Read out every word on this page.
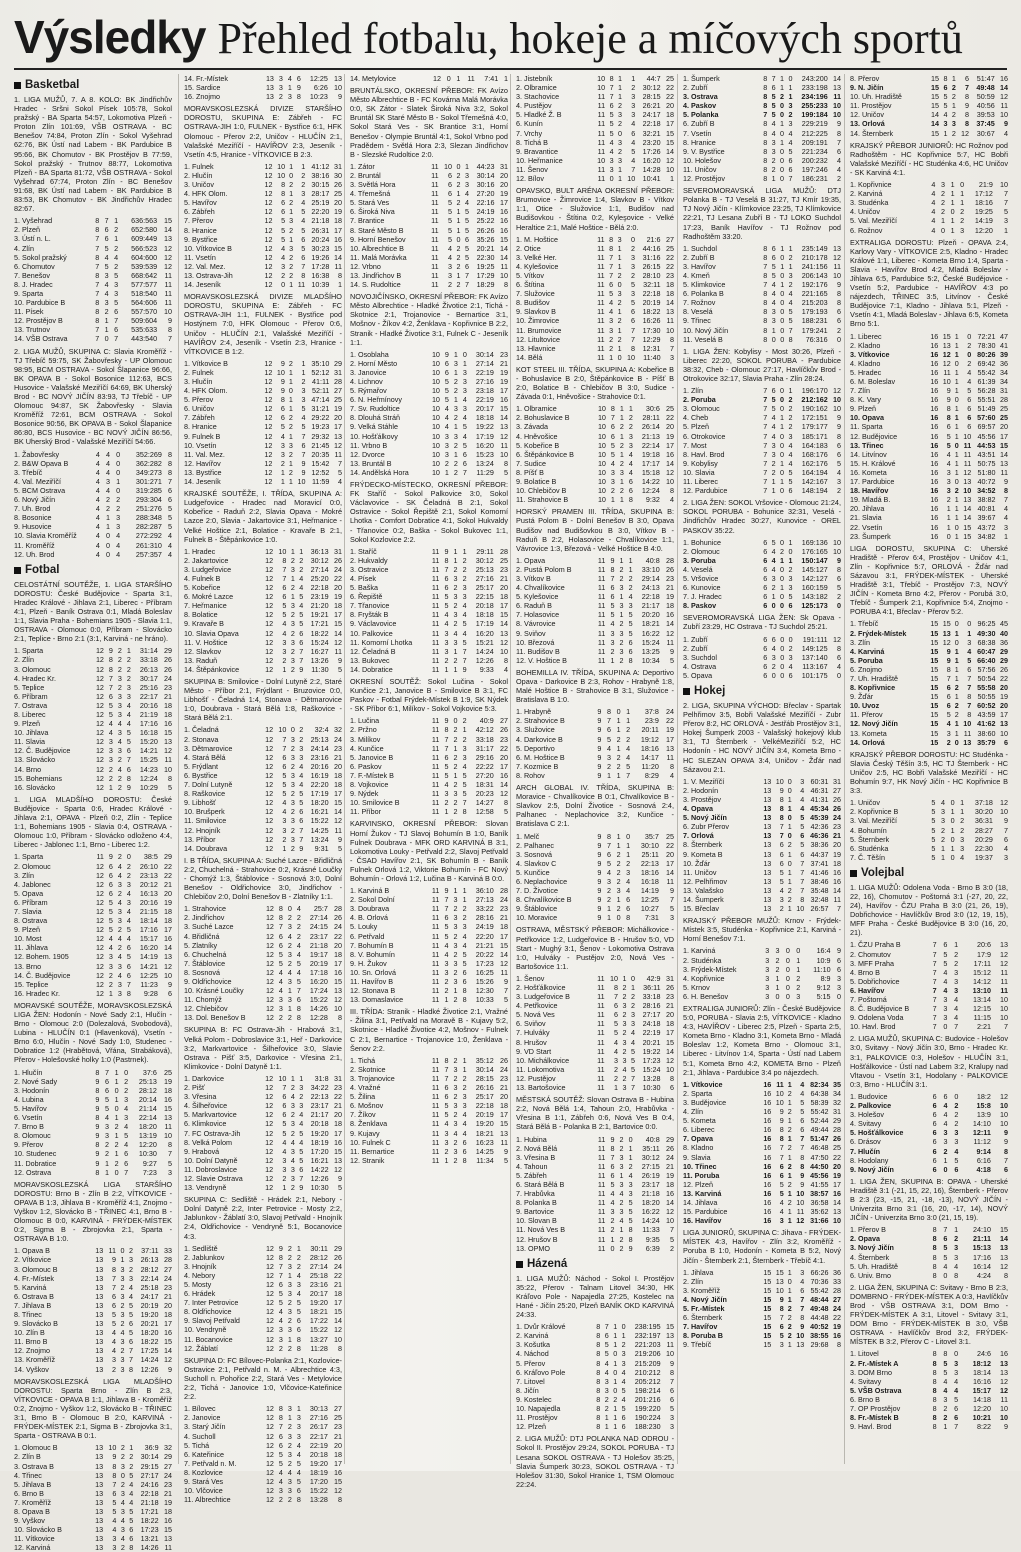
Výsledky Přehled fotbalu, hokeje a míčových sportů
Basketbal
1. LIGA MUŽŮ, 7. A 8. KOLO: BK Jindřichův Hradec - Sršni Sokol Písek 105:78, Sokol pražský - BA Sparta 54:57, Lokomotiva Plzeň - Proton Zlín 101:69, VŠB OSTRAVA - BC Benešov 74:84, Proton Zlín - Sokol Vyšehrad 62:76, BK Ústí nad Labem - BK Pardubice B 95:66, BK Chomutov - BK Prostějov B 77:59, Sokol pražský - Trutnov 88:77, Lokomotiva Plzeň - BA Sparta 81:72, VŠB OSTRAVA - Sokol Vyšehrad 67:74, Proton Zlín - BC Benešov 91:68, BK Ústí nad Labem - BK Pardubice B 83:53, BK Chomutov - BK Jindřichův Hradec 82:67.
1. Vyšehrad	8	7	1	636:563	15
2. Plzeň	8	6	2	652:580	14
3. Ústí n. L.	7	6	1	609:449	13
4. Zlín	7	5	2	566:523	12
5. Sokol pražský	8	4	4	604:600	12
6. Chomutov	7	5	2	539:539	12
7. Benešov	8	3	5	668:642	11
8. J. Hradec	7	4	3	577:577	11
9. Sparta	7	4	3	518:540	11
10. Pardubice B	8	3	5	564:606	11
11. Písek	8	2	6	557:570	10
12. Prostějov B	8	1	7	509:604	9
13. Trutnov	7	1	6	535:633	8
14. VŠB Ostrava	7	0	7	443:540	7
2. LIGA MUŽŮ, SKUPINA C: Slavia Kroměříž - TJ Třebíč 59:75, SK Žabovřesky - UP Olomouc 98:95, BCM OSTRAVA - Sokol Šlapanice 96:66, BK OPAVA B - Sokol Bosonice 112:63, BCS Husovice - Valašské Meziříčí 64:69, BK Uherský Brod - BC NOVÝ JIČÍN 83:93, TJ Třebíč - UP Olomouc 94:87, SK Žabovřesky - Slavia Kroměříž 72:61, BCM OSTRAVA - Sokol Bosonice 90:56, BK OPAVA B - Sokol Šlapanice 86:80, BCS Husovice - BC NOVÝ JIČÍN 86:56, BK Uherský Brod - Valašské Meziříčí 54:66.
1. Žabovřesky	4	4	0	352:269	8
2. B&W Opava B	4	4	0	362:282	8
3. Třebíč	4	4	0	349:273	8
4. Val. Meziříčí	4	3	1	301:271	7
5. BCM Ostrava	4	4	0	319:285	6
6. Nový Jičín	4	2	2	293:304	6
7. Uh. Brod	4	2	2	251:276	5
8. Bosonice	4	1	3	288:348	5
9. Husovice	4	1	3	282:287	5
10. Slavia Kroměříž	4	0	4	272:292	4
11. Kroměříž	4	0	4	261:310	4
12. Uh. Brod	4	0	4	257:357	4
Fotbal
CELOSTÁTNÍ SOUTĚŽE, 1. LIGA STARŠÍHO DOROSTU: České Budějovice - Sparta 3:1, Hradec Králové - Jihlava 2:1, Liberec - Příbram 4:1, Plzeň - Baník Ostrava 0:1, Mladá Boleslav 1:1, Slavia Praha - Bohemians 1905 - Slavia 1:1, OSTRAVA - Olomouc 0:0, Příbram - Slovácko 2:1, Teplice - Brno 2:1 (3:1, Karviná - ne hráno).
1. Sparta	12	9	2	1	31:14	29
2. Zlín	12	8	2	2	33:18	26
3. Olomouc	12	8	2	2	26:13	26
4. Hradec Kr.	12	7	3	2	30:17	24
5. Teplice	12	7	2	3	25:16	23
6. Příbram	12	6	3	3	22:17	21
7. Ostrava	12	5	3	4	20:16	18
8. Liberec	12	5	3	4	21:19	18
9. Plzeň	12	4	4	4	17:16	16
10. Jihlava	12	4	3	5	16:18	15
11. Slavia	12	3	4	5	15:20	13
12. Č. Budějovice	12	3	3	6	14:21	12
13. Slovácko	12	3	2	7	15:25	11
14. Brno	12	2	4	6	14:23	10
15. Bohemians	12	2	2	8	12:24	8
16. Slovácko	12	1	2	9	10:29	5
1. LIGA MLADŠÍHO DOROSTU: České Budějovice - Sparta 0:6, Hradec Králové - Jihlava 2:1, OPAVA - Plzeň 0:2, Zlín - Teplice 1:1, Bohemians 1905 - Slavia 0:4, OSTRAVA - Olomouc 1:0, Příbram - Slovácko odloženo 4:4, Liberec - Jablonec 1:1, Brno - Liberec 1:2.
1. Sparta	11	9	2	0	38:5	29
2. Olomouc	12	6	4	2	26:10	22
3. Zlín	12	6	4	2	23:13	22
4. Jablonec	12	6	3	3	20:12	21
5. Opava	12	6	2	4	16:13	20
6. Příbram	12	5	4	3	20:16	19
7. Slavia	12	5	3	4	21:15	18
8. Ostrava	12	5	3	4	18:14	18
9. Plzeň	12	5	2	5	17:16	17
10. Most	12	4	4	4	15:17	16
11. Jihlava	12	4	2	6	16:20	14
12. Bohem. 1905	12	3	4	5	14:19	13
13. Brno	12	3	3	6	14:21	12
14. Č. Budějovice	12	2	4	6	12:25	10
15. Teplice	12	2	3	7	11:23	9
16. Hradec Kr.	12	1	3	8	9:28	6
MORAVSKÉ SOUTĚŽE, MORAVSKOSLEZSKÁ LIGA ŽEN: Hodonín - Nové Sady 2:1, Hlučín - Brno - Olomouc 2:0 (Dolezalová, Svobodová), Lubina - HLUČÍN 0:1 (Hlavenková), Vsetín - Brno 6:0, Hlučín - Nové Sady 1:0, Studenec - Dobratice 1:2 (Hrabětová, Vřána, Strabáková), Přerov - Holešovské holky 1:0 (Pastrnek).
1. Hlučín	8	7	1	0	37:6	25
2. Nové Sady	9	6	1	2	25:13	19
3. Hodonín	8	6	0	2	28:12	18
4. Lubina	9	5	1	3	20:14	16
5. Havířov	9	5	0	4	21:14	15
6. Vsetín	8	4	1	3	22:14	13
7. Brno B	9	3	2	4	18:20	11
8. Olomouc	9	3	1	5	13:19	10
9. Přerov	8	2	2	4	12:20	8
10. Studenec	9	2	1	6	10:30	7
11. Dobratice	9	1	2	6	9:27	5
12. Ostrava	8	1	0	7	7:23	3
MORAVSKOSLEZSKÁ LIGA STARŠÍHO DOROSTU: Brno B - Zlín B 2:2, VÍTKOVICE - OPAVA B 1:3, Jihlava B - Kroměříž 4:1, Znojmo - Vyškov 1:2, Slovácko B - TŘINEC 4:1, Brno B - Olomouc B 0:0, KARVINÁ - FRÝDEK-MÍSTEK 0:2, Sigma B - Zbrojovka 2:1, Sparta - OSTRAVA B 1:0.
1. Opava B	13	11	0	2	37:11	33
2. Vítkovice	13	9	1	3	26:13	28
3. Olomouc B	13	8	3	2	28:12	27
4. Fr.-Místek	13	7	3	3	22:14	24
5. Karviná	13	7	2	4	25:18	23
6. Ostrava B	13	6	3	4	24:17	21
7. Jihlava B	13	6	2	5	20:19	20
8. Třinec	13	5	3	5	19:20	18
9. Slovácko B	13	5	2	6	20:21	17
10. Zlín B	13	4	4	5	18:20	16
11. Brno B	13	4	3	6	18:22	15
12. Znojmo	13	4	2	7	17:25	14
13. Kroměříž	13	3	3	7	14:24	12
14. Vyškov	13	2	3	8	12:26	9
MORAVSKOSLEZSKÁ LIGA MLADŠÍHO DOROSTU: Sparta Brno - Zlín B 2:3, VÍTKOVICE - OPAVA B 1:1, Jihlava B - Kroměříž 0:2, Znojmo - Vyškov 1:2, Slovácko B - TŘINEC 3:1, Brno B - Olomouc B 2:0, KARVINÁ - FRÝDEK-MÍSTEK 2:1, Sigma B - Zbrojovka 3:1, Sparta - OSTRAVA B 0:1.
1. Olomouc B	13	10	2	1	36:9	32
2. Zlín B	13	9	2	2	30:14	29
3. Ostrava B	13	8	3	2	29:15	27
4. Třinec	13	8	0	5	27:17	24
5. Jihlava B	13	7	2	4	24:16	23
6. Brno B	13	6	3	4	22:18	21
7. Kroměříž	13	5	4	4	21:18	19
8. Opava B	13	5	3	5	17:21	18
9. Vyškov	13	4	4	5	18:22	16
10. Slovácko B	13	4	3	6	17:23	15
11. Vítkovice	13	3	4	6	13:21	13
12. Karviná	13	3	2	8	14:26	11
14. Fr.-Místek	13	3	4	6	12:25	13
15. Sardice	13	3	1	9	6:26	10
16. Znojmo	13	2	3	8	10:23	9
MORAVSKOSLEZSKÁ DIVIZE STARŠÍHO DOROSTU, SKUPINA E: Zábřeh - FC OSTRAVA-JIH 1:0, FULNEK - Bystřice 6:1, HFK Olomouc - Přerov 2:2, Uničov - HLUČÍN 2:1, Valašské Meziříčí - HAVÍŘOV 2:3, Jeseník - Vsetín 4:5, Hranice - VÍTKOVICE B 2:3.
1. Fulnek	12	10	1	1	41:12	31
2. Hlučín	12	10	0	2	38:16	30
3. Uničov	12	8	2	2	30:15	26
4. HFK Olom.	12	8	1	3	28:17	25
5. Havířov	12	6	2	4	25:19	20
6. Zábřeh	12	6	1	5	22:20	19
7. Přerov	12	5	3	4	21:18	18
8. Hranice	12	5	2	5	26:31	17
9. Bystřice	12	5	1	6	20:24	16
10. Vítkovice B	12	4	3	5	30:23	15
11. Vsetín	12	4	2	6	19:26	14
12. Val. Mez.	12	3	2	7	17:28	11
13. Ostrava-Jih	12	2	2	8	16:38	8
14. Jeseník	12	0	1	11	10:39	1
MORAVSKOSLEZSKÁ DIVIZE MLADŠÍHO DOROSTU, SKUPINA E: Zábřeh - FC OSTRAVA-JIH 1:1, FULNEK - Bystřice pod Hostýnem 7:0, HFK Olomouc - Přerov 0:6, Uničov - HLUČÍN 2:1, Valašské Meziříčí - HAVÍŘOV 2:4, Jeseník - Vsetín 2:3, Hranice - VÍTKOVICE B 1:2.
1. Vítkovice B	12	9	2	1	35:10	29
2. Fulnek	12	10	1	1	52:12	31
3. Hlučín	12	9	1	2	41:11	28
4. HFK Olom.	12	9	0	3	52:11	27
5. Přerov	12	8	1	3	47:14	25
6. Uničov	12	6	1	5	31:21	19
7. Zábřeh	12	6	2	4	29:22	20
8. Hranice	12	5	2	5	19:23	17
9. Fulnek B	12	4	1	7	29:32	13
10. Vsetín	12	3	3	6	21:45	12
11. Val. Mez.	12	3	2	7	20:35	11
12. Havířov	12	2	1	9	15:42	7
13. Bystřice	12	1	2	9	12:52	5
14. Jeseník	12	1	1	10	11:59	4
KRAJSKÉ SOUTĚŽE, I. TŘÍDA, SKUPINA A: Ludgeřovice - Hradec nad Moravicí 0:0, Kobeřice - Raduň 2:2, Slavia Opava - Mokré Lazce 2:0, Slavia - Jakartovice 3:1, Heřmanice - Velké Hoštice 2:1, Bolatice - Kravaře B 2:1, Fulnek B - Štěpánkovice 1:0.
1. Hradec	12	10	1	1	36:13	31
2. Jakartovice	12	8	2	2	30:12	26
3. Ludgeřovice	12	7	3	2	27:14	24
4. Fulnek B	12	7	1	4	25:20	22
5. Kobeřice	12	6	2	4	22:18	20
6. Mokré Lazce	12	6	1	5	23:19	19
7. Heřmanice	12	5	3	4	21:20	18
8. Bolatice	12	5	2	5	19:21	17
9. Kravaře B	12	4	3	5	17:21	15
10. Slavia Opava	12	4	2	6	18:22	14
11. V. Hoštice	12	3	3	6	15:24	12
12. Slavkov	12	3	2	7	16:27	11
13. Raduň	12	2	3	7	13:26	9
14. Štěpánkovice	12	1	2	9	11:30	5
SKUPINA B: Smilovice - Dolní Lutyně 2:2, Staré Město - Příbor 2:1, Frýdlant - Bruzovice 0:0, Libhošť - Čeladná 1:4, Stonava - Dětmarovice 1:0, Doubrava - Stará Bělá 1:8, Raškovice - Stará Bělá 2:1.
1. Čeladná	12	10	0	2	32:4	32
2. Stonava	12	7	3	2	25:13	24
3. Dětmarovice	12	7	2	3	24:14	23
4. Stará Bělá	12	6	3	3	23:16	21
5. Frýdlant	12	6	2	4	20:16	20
6. Bystřice	12	5	3	4	16:19	18
7. Dolní Lutyně	12	5	3	4	22:20	18
8. Raškovice	12	5	2	5	17:19	17
9. Libhošť	12	4	3	5	18:20	15
10. Brušperk	12	4	2	6	16:21	14
11. Smilovice	12	3	3	6	15:22	12
12. Hnojník	12	3	2	7	14:25	11
13. Příbor	12	2	3	7	13:24	9
14. Doubrava	12	1	2	9	9:31	5
I. B TŘÍDA, SKUPINA A: Suché Lazce - Břidličná 2:2, Chuchelná - Strahovice 0:2, Krásné Loučky - Chomýž 1:3, Štáblovice - Sosnová 3:0, Dolní Benešov - Oldřichovice 3:0, Jindřichov - Chlebičov 2:0, Dolní Benešov B - Zlatníky 1:1.
1. Strahovice	12	8	0	4	25:7	28
2. Jindřichov	12	8	2	2	27:14	26
3. Suché Lazce	12	7	3	2	24:15	24
4. Břidličná	12	6	4	2	23:17	22
5. Zlatníky	12	6	2	4	21:18	20
6. Chuchelná	12	5	3	4	19:17	18
7. Štáblovice	12	5	2	5	20:19	17
8. Sosnová	12	4	4	4	17:18	16
9. Oldřichovice	12	4	3	5	16:20	15
10. Krásné Loučky	12	4	1	7	17:24	13
11. Chomýž	12	3	3	6	15:22	12
12. Chlebičov	12	3	1	8	14:26	10
13. Dol. Benešov B	12	2	2	8	12:28	8
SKUPINA B: FC Ostrava-Jih - Hrabová 3:1, Velká Polom - Dobroslavice 3:1, Heř - Darkovice 3:2, Markvartovice - Šilheřovice 3:0, Slavie Ostrava - Pišť 3:5, Darkovice - Vřesina 2:1, Klimkovice - Dolní Datyně 1:1.
1. Darkovice	12	10	1	1	31:8	31
2. Pišť	12	7	2	3	34:22	23
3. Vřesina	12	6	4	2	22:13	22
4. Šilheřovice	12	6	3	3	23:17	21
5. Markvartovice	12	6	2	4	21:17	20
6. Klimkovice	12	5	3	4	20:18	18
7. FC Ostrava-Jih	12	5	2	5	19:20	17
8. Velká Polom	12	4	4	4	18:19	16
9. Hrabová	12	4	3	5	17:20	15
10. Dolní Datyně	12	3	4	5	16:21	13
11. Dobroslavice	12	3	3	6	14:22	12
12. Slavie Ostrava	12	2	3	7	12:26	9
13. Vendryně	12	1	2	9	10:30	5
SKUPINA C: Sedliště - Hrádek 2:1, Nebory - Dolní Datyně 2:2, Inter Petrovice - Mosty 2:2, Jablunkov - Žáblatí 3:0, Slavoj Petřvald - Hnojník 2:4, Oldřichovice - Vendryně 5:1, Bocanovice 4:3.
1. Sedliště	12	9	2	1	30:11	29
2. Jablunkov	12	8	2	2	28:12	26
3. Hnojník	12	7	3	2	27:14	24
4. Nebory	12	7	1	4	25:18	22
5. Mosty	12	6	3	3	23:16	21
6. Hrádek	12	5	3	4	20:17	18
7. Inter Petrovice	12	5	2	5	19:20	17
8. Oldřichovice	12	4	3	5	18:21	15
9. Slavoj Petřvald	12	4	2	6	17:22	14
10. Vendryně	12	3	3	6	15:22	12
11. Bocanovice	12	3	1	8	13:27	10
12. Žáblatí	12	2	2	8	11:28	8
SKUPINA D: FC Bílovec-Polanka 2:1, Kozlovice-Ostravice 2:1, Petřvald n. M. - Albrechtice 4:3, Sucholl n. Pohořice 2:2, Stará Ves - Metylovice 2:2, Tichá - Janovice 1:0, Vlčovice-Kateřinice 2:2.
1. Bílovec	12	8	3	1	30:13	27
2. Janovice	12	8	1	3	27:16	25
3. Starý Jičín	12	7	2	3	26:17	23
4. Sucholl	12	6	3	3	22:17	21
5. Tichá	12	6	2	4	22:19	20
6. Kateřinice	12	5	3	4	20:18	18
7. Petřvald n. M.	12	5	2	5	19:20	17
8. Kozlovice	12	4	4	4	18:19	16
9. Stará Ves	12	4	3	5	17:20	15
10. Vlčovice	12	3	3	6	15:22	12
11. Albrechtice	12	2	2	8	13:28	8
14. Metylovice	12	0	1	11	7:41	1
BRUNTÁLSKO, OKRESNÍ PŘEBOR: FK Avízo Město Albrechtice B - FC Kovárna Malá Morávka 0:0, SK Zátor - Slatek Široká Niva 3:2, Sokol Bruntál SK Staré Město B - Sokol Třemešná 4:0, Sokol Stará Ves - SK Brantice 3:1, Horní Benešov - Olympie Bruntál 4:1, Sokol Vrbno pod Pradědem - Světlá Hora 2:3, Slezan Jindřichov B - Slezské Rudoltice 2:0.
1. Zátor	11	10	0	1	44:23	31
2. Bruntál	11	6	2	3	30:14	20
3. Světlá Hora	11	6	2	3	30:16	20
4. Třemešná	11	6	1	4	27:20	19
5. Stará Ves	11	5	2	4	22:16	17
6. Široká Niva	11	5	1	5	24:19	16
7. Brantice	11	5	1	5	25:22	16
8. Staré Město B	11	5	1	5	26:26	16
9. Horní Benešov	11	5	0	6	35:26	15
10. Albrechtice B	11	4	2	5	20:21	14
11. Malá Morávka	11	4	2	5	22:30	14
12. Vrbno	11	3	2	6	19:25	11
13. Jindřichov B	11	3	1	7	17:29	10
14. S. Rudoltice	11	2	2	7	18:29	8
NOVOJIČÍNSKO, OKRESNÍ PŘEBOR: FK Avízo Město Albrechtice - Hladké Životice 2:1, Tichá - Skotnice 2:1, Trojanovice - Bernartice 3:1, Mošnov - Žíkov 4:2, Ženklava - Kopřivnice B 2:2, Stranik - Hladké Životice 3:1, Fulnek C - Jeseník 1:1.
1. Osoblaha	10	9	1	0	30:14	23
2. Horní Město	10	6	3	1	27:14	21
3. Janovice	10	6	1	3	22:19	19
4. Lichnov	10	5	2	3	27:16	19
5. Rýmařov	10	5	2	3	23:18	17
6. N. Heřmínovy	10	5	1	4	22:19	16
7. Sv. Rudoltice	10	4	3	3	20:17	15
8. Dlouhá Stráň	10	4	2	4	18:18	14
9. Velká Stáhle	10	4	1	5	19:22	13
10. Hošťálkovy	10	3	3	4	17:19	12
11. Vrbno B	10	3	2	5	16:20	11
12. Dvorce	10	3	1	6	15:23	10
13. Bruntál B	10	2	2	6	13:24	8
14. Andělská Hora	10	1	2	7	11:29	5
FRÝDECKO-MÍSTECKO, OKRESNÍ PŘEBOR: FK Staříč - Sokol Palkovice 3:0, Sokol Václavovice - SK Čeladná B 2:1, Sokol Ostravice - Sokol Řepiště 2:1, Sokol Komorní Lhotka - Comfort Dobratice 4:1, Sokol Hukvaldy - Třanovice 0:2, Baška - Sokol Bukovec 1:1, Sokol Kozlovice 2:2.
1. Staříč	11	9	1	1	29:11	28
2. Hukvaldy	11	8	1	2	30:12	25
3. Ostravice	11	7	2	2	25:13	23
4. Písek	11	6	3	2	27:16	21
5. Baška	11	6	2	3	25:17	20
6. Řepiště	11	5	3	3	22:15	18
7. Třanovice	11	5	2	4	20:18	17
8. Fryšták B	11	4	3	4	18:18	15
9. Václavovice	11	4	2	5	17:19	14
10. Palkovice	11	3	4	4	16:20	13
11. Komorní Lhotka	11	3	3	5	15:21	12
12. Čeladná B	11	3	1	7	14:24	10
13. Bukovec	11	2	2	7	12:26	8
14. Dobratice	11	1	1	9	9:33	4
OKRESNÍ SOUTĚŽ: Sokol Lučina - Sokol Kunčice 2:1, Janovice B - Smilovice B 3:1, FC Paskov - Fotbal Frýdek-Místek B 1:9, SK Nýdek - SK Příbor 6:1, Milíkov - Sokol Vojkovice 5:3.
1. Lučina	11	9	0	2	40:9	27
2. Pržno	11	8	2	1	42:12	26
3. Milíkov	11	7	2	2	33:18	23
4. Kunčice	11	7	1	3	31:17	22
5. Janovice B	11	6	2	3	29:16	20
6. Paskov	11	5	2	4	22:22	17
7. F.-Místek B	11	5	1	5	27:20	16
8. Vojkovice	11	4	2	5	18:31	14
9. Nýdek	11	3	3	5	20:23	12
10. Smilovice B	11	2	2	7	14:27	8
11. Příbor	11	1	2	8	12:58	5
KARVINSKO, OKRESNÍ PŘEBOR: Slovan Horní Žukov - TJ Slavoj Bohumín B 1:0, Baník Fulnek Doubrava - MFK ORD KARVINÁ B 3:1, Lokomotiva Louky - Petřvald 2:2, Slavoj Petřvald - ČSAD Havířov 2:1, SK Bohumín B - Baník Fulnek Orlová 1:2, Viktorie Bohumín - FC Nový Bohumín - Orlová 1:2, Lučina B - Karviná B 0:0.
1. Karviná B	11	9	1	1	36:10	28
2. Sokol Dolní	11	7	3	1	27:13	24
3. Doubrava	11	7	2	2	33:22	23
4. B. Orlová	11	6	3	2	28:16	21
5. Louky	11	5	3	3	24:19	18
6. Petřvald	11	5	2	4	22:20	17
7. Bohumín B	11	4	3	4	21:21	15
8. V. Bohumín	11	4	2	5	20:22	14
9. H. Žukov	11	3	3	5	17:23	12
10. Sn. Orlová	11	3	2	6	16:25	11
11. Havířov B	11	2	3	6	15:26	9
12. Stonava B	11	2	1	8	12:30	7
13. Domaslavice	11	1	2	8	10:33	5
III. TŘÍDA: Stranik - Hladké Životice 2:1, Vražné - Žilina 3:1, Petřvald na Moravě B - Kujavy 5:2, Skotnice - Hladké Životice 4:2, Mošnov - Fulnek C 2:1, Bernartice - Trojanovice 1:0, Ženklava - Šenov 2:2.
1. Tichá	11	8	2	1	35:12	26
2. Skotnice	11	7	3	1	30:14	24
3. Trojanovice	11	7	2	2	28:15	23
4. Vražné	11	6	3	2	26:16	21
5. Žilina	11	6	2	3	25:17	20
6. Mošnov	11	5	3	3	22:18	18
7. Žíkov	11	5	2	4	20:19	17
8. Ženklava	11	4	3	4	19:20	15
9. Kujavy	11	3	4	4	18:21	13
10. Fulnek C	11	3	2	6	16:23	11
11. Bernartice	11	2	3	6	14:25	9
12. Stranik	11	1	2	8	11:34	5
1. Jistebník	10	8	1	1	44:7	25
2. Olbramice	10	7	1	2	30:12	22
3. Stachovice	11	7	1	3	28:15	22
4. Pustějov	11	6	2	3	26:21	20
5. Hladké Ž. B	11	5	3	3	24:17	18
6. Kunín	11	5	2	4	22:18	17
7. Vrchy	11	5	0	6	32:21	15
8. Tichá B	11	4	3	4	23:20	15
9. Bravantice	11	4	2	5	17:26	14
10. Heřmanice	10	3	3	4	16:20	12
11. Šenov	11	3	1	7	14:28	10
12. Bílov	11	0	1	10	10:41	1
OPAVSKO, BULT ARÉNA OKRESNÍ PŘEBOR: Brumovice - Žimrovice 1:4, Slavkov B - Vítkov 1:1, Otice - Služovice 1:1, Budišov nad Budišovkou - Štítina 0:2, Kyleşovice - Velké Heraltice 2:1, Malé Hoštice - Bělá 2:0.
1. M. Hoštice	11	8	3	0	21:6	27
2. Otice	11	8	1	2	44:16	25
3. Velké Her.	11	7	1	3	31:16	22
4. Kylešovice	11	7	1	3	26:15	22
5. Vítkov	11	7	2	2	28:10	23
6. Štítina	11	6	0	5	32:11	18
7. Služovice	11	5	3	3	22:18	18
8. Budišov	11	4	2	5	20:19	14
9. Slavkov B	11	4	1	6	18:22	13
10. Žimrovice	11	3	2	6	16:26	11
11. Brumovice	11	3	1	7	17:30	10
12. Litultovice	11	2	2	7	12:29	8
13. Hlavnice	11	2	1	8	12:31	7
14. Bělá	11	1	0	10	11:40	3
KOT STEEL III. TŘÍDA, SKUPINA A: Kobeřice B - Bohuslavice B 2:0, Štěpánkovice B - Píšť B 2:0, Bolatice B - Chlebičov B 3:0, Sudice - Závada 0:1, Hněvošice - Strahovice 0:1.
1. Olbramice	10	8	1	1	30:6	25
2. Bohuslavice B	10	7	1	2	28:11	22
3. Závada	10	6	2	2	26:14	20
4. Hněvošice	10	6	1	3	21:13	19
5. Kobeřice B	10	5	2	3	22:14	17
6. Štěpánkovice B	10	5	1	4	19:18	16
7. Sudice	10	4	2	4	17:17	14
8. Píšť B	10	3	3	4	15:18	12
9. Bolatice B	10	3	1	6	14:22	10
10. Chlebičov B	10	2	2	6	12:24	8
11. Strahovice B	10	1	1	8	9:32	4
HORSKÝ PRAMEN III. TŘÍDA, SKUPINA B: Pustá Polom B - Dolní Benešov B 3:0, Opava Budišov nad Budišovkou B 3:0, Vítkov B - Raduň B 2:2, Holasovice - Chvalíkovice 1:1, Vávrovice 1:3, Březová - Velké Hoštice B 4:0.
1. Opava	11	9	1	1	40:8	28
2. Pustá Polom B	11	8	2	1	33:10	26
3. Vítkov B	11	7	2	2	29:14	23
4. Chvalíkovice	11	6	3	2	24:13	21
5. Kylešovice	11	6	1	4	22:18	19
6. Raduň B	11	5	3	3	21:17	18
7. Holasovice	11	5	1	5	20:20	16
8. Vávrovice	11	4	2	5	18:21	14
9. Sviňov	11	3	3	5	16:22	12
10. Březová	11	3	2	6	15:24	11
11. Budišov B	11	2	3	6	13:25	9
12. V. Hoštice B	11	1	2	8	10:34	5
BOHEMILLA IV. TŘÍDA, SKUPINA A: Deportivo Opava - Darkovice B 2:3, Rohov - Hrabyně 1:8, Malé Hoštice B - Strahovice B 3:1, Služovice - Bratislava B 1:0.
1. Hrabyně	9	8	0	1	37:8	24
2. Strahovice B	9	7	1	1	23:9	22
3. Služovice	9	6	1	2	20:11	19
4. Darkovice B	9	5	2	2	19:12	17
5. Deportivo	9	4	1	4	18:16	13
6. M. Hoštice B	9	3	2	4	14:17	11
7. Kozmice B	9	2	2	5	11:20	8
8. Rohov	9	1	1	7	8:29	4
ARCH GLOBAL IV. TŘÍDA, SKUPINA B: Moravice - Chvalíkovice B 0:1, Chvalíkovice B - Slavkov 2:5, Dolní Životice - Sosnová 2:4, Palhanec - Neplachovice 3:2, Kunčice - Bratislava C 2:1.
1. Melč	9	8	1	0	35:7	25
2. Palhanec	9	7	1	1	30:10	22
3. Sosnová	9	6	2	1	25:11	20
4. Slavkov C	9	5	2	2	22:13	17
5. Kunčice	9	4	2	3	18:16	14
6. Neplachovice	9	3	2	4	16:18	11
7. D. Životice	9	2	3	4	14:19	9
8. Chvalíkovice B	9	2	1	6	12:25	7
9. Štáblovice	9	1	2	6	10:27	5
10. Moravice	9	1	0	8	7:31	3
OSTRAVA, MĚSTSKÝ PŘEBOR: Michálkovice - Petřkovice 1:2, Ludgeřovice B - Hrušov 5:0, VD Start - Mughý 3:1, Šenov - Lokomotiva Ostrava 1:0, Hulváky - Pustějov 2:0, Nová Ves - Bartošovice 1:1.
1. Šenov	11	10	1	0	42:9	31
2. Hošťálkovice	11	8	2	1	36:11	26
3. Ludgeřovice B	11	7	2	2	33:18	23
4. Petřkovice	11	6	3	2	28:16	21
5. Nová Ves	11	6	2	3	27:17	20
6. Sviňov	11	5	3	3	24:18	18
7. Hulváky	11	5	2	4	22:19	17
8. Hrušov	11	4	3	4	20:21	15
9. VD Start	11	4	2	5	19:22	14
10. Michálkovice	11	3	3	5	17:23	12
11. Lokomotiva	11	2	4	5	15:24	10
12. Pustějov	11	2	2	7	13:28	8
13. Bartošovice	11	1	3	7	10:30	6
MĚSTSKÁ SOUTĚŽ: Slovan Ostrava B - Hubina 2:2, Nová Bělá 1:4, Tahoun 2:0, Hrabůvka - Vřesina B 1:1, Zábřeh 0:6, Nová Ves B 0:4, Stará Bělá B - Polanka B 2:1, Bartovice 0:0.
1. Hubina	11	9	2	0	40:8	29
2. Nová Bělá	11	8	2	1	35:11	26
3. Vřesina B	11	7	3	1	30:12	24
4. Tahoun	11	6	3	2	27:15	21
5. Zábřeh	11	6	1	4	26:19	19
6. Stará Bělá B	11	5	3	3	23:17	18
7. Hrabůvka	11	4	4	3	21:18	16
8. Polanka B	11	4	2	5	18:20	14
9. Bartovice	11	3	3	5	16:22	12
10. Slovan B	11	2	4	5	14:24	10
11. Nová Ves B	11	2	1	8	11:33	7
12. Hrušov B	11	1	2	8	9:35	5
13. OPMO	11	0	2	9	6:39	2
Házená
1. LIGA MUŽŮ: Náchod - Sokol I. Prostějov 35:22, Přerov - Talnam Litovel 34:30, HK Kráľovo Pole - Napajedla 27:25, Kostelec na Hané - Jičín 25:20, Plzeň BANÍK OKD KARVINÁ 24:33.
1. Dvůr Králové	8	7	1	0	238:195	15
2. Karviná	8	6	1	1	232:197	13
3. Košutka	8	5	1	2	221:203	11
4. Náchod	8	5	0	3	219:206	10
5. Přerov	8	4	1	3	215:209	9
6. Kráľovo Pole	8	4	0	4	210:212	8
7. Litovel	8	3	1	4	205:212	7
8. Jičín	8	3	0	5	198:214	6
9. Kostelec	8	2	2	4	201:216	6
10. Napajedla	8	2	1	5	199:220	5
11. Prostějov	8	1	1	6	190:224	3
12. Plzeň	8	1	1	6	188:230	3
2. LIGA MUŽŮ: DTJ POLANKA NAD ODROU - Sokol II. Prostějov 29:24, SOKOL PORUBA - TJ Lesana SOKOL OSTRAVA - TJ Holešov 35:25, Slavia Šumperk 30:23, SOKOL OSTRAVA - TJ Holešov 31:30, Sokol Hranice 1, TSM Olomouc 22:24.
1. Šumperk	8	7	1	0	243:200	14
2. Zubří	8	6	1	1	233:198	13
3. Ostrava	8	5	2	1	234:196	11
4. Paskov	8	5	0	3	255:233	10
5. Polanka	7	5	0	2	199:184	10
6. Zubří B	8	4	1	3	229:219	9
7. Vsetín	8	4	0	4	212:225	8
8. Hranice	8	3	1	4	209:191	7
9. V. Bystřice	8	3	0	5	221:234	6
10. Holešov	8	2	0	6	200:232	4
11. Uničov	8	2	0	6	197:246	4
12. Prostějov	8	1	0	7	186:231	2
SEVEROMORAVSKÁ LIGA MUŽŮ: DTJ Polanka B - TJ Veselá B 31:27, TJ Kmír 19:35, TJ Nový Jičín - Klímkovice 23:25, TJ Klímkovice 22:21, TJ Lesana Zubří B - TJ LOKO Suchdol 17:23, Baník Havířov - TJ Rožnov pod Radhoštěm 33:20.
1. Suchdol	8	6	1	1	235:149	13
2. Zubří B	8	6	0	2	210:178	12
3. Havířov	7	5	1	1	241:156	11
4. Kmeň	8	5	0	3	206:143	10
5. Klimkovice	7	4	1	2	192:176	9
6. Polanka B	8	4	0	4	221:165	8
7. Rožnov	8	4	0	4	215:203	8
8. Veselá	8	3	0	5	179:193	6
9. Třinec	8	3	0	5	188:231	6
10. Nový Jičín	8	1	0	7	179:241	2
11. Veselá B	8	0	0	8	76:316	0
1. LIGA ŽEN: Kobylisy - Most 30:26, Plzeň - Liberec 22:20, SOKOL PORUBA - Pardubice 38:32, Cheb - Olomouc 27:17, Havlíčkův Brod - Otrokovice 32:17, Slavia Praha - Zlín 28:24.
1. Zlín	7	6	0	1	196:170	12
2. Poruba	7	5	0	2	212:162	10
3. Olomouc	7	5	0	2	190:162	10
4. Cheb	7	4	1	2	172:151	9
5. Plzeň	7	4	1	2	179:177	9
6. Otrokovice	7	4	0	3	185:171	8
7. Most	7	3	0	4	164:183	6
8. Havl. Brod	7	3	0	4	168:176	6
9. Kobylisy	7	2	1	4	162:176	5
10. Slavia	7	2	0	5	164:194	4
11. Liberec	7	1	1	5	142:167	3
12. Pardubice	7	1	0	6	148:194	2
2. LIGA ŽEN: SOKOL Vršovice - Olomouc 21:24, SOKOL PORUBA - Bohunice 32:31, Veselá - Jindřichův Hradec 30:27, Kunovice - OREL PASKOV 35:22.
1. Bohunice	6	5	0	1	169:136	10
2. Olomouc	6	4	2	0	176:165	10
3. Poruba	6	4	1	1	150:147	9
4. Veselá	6	4	0	2	145:127	8
5. Vršovice	6	3	0	3	142:127	6
6. Kunovice	6	2	1	3	160:159	5
7. J. Hradec	6	1	0	5	143:182	2
8. Paskov	6	0	0	6	125:173	0
SEVEROMORAVSKÁ LIGA ŽEN: Sk Opava - Zubří 23:29, HC Ostrava - TJ Suchdol 25:21.
1. Zubří	6	6	0	0	191:111	12
2. Zubří	6	4	0	2	149:125	8
3. Suchdol	6	3	0	3	137:140	6
4. Ostrava	6	2	0	4	113:167	4
5. Opava	6	0	0	6	101:175	0
Hokej
2. LIGA, SKUPINA VÝCHOD: Břeclav - Spartak Pelhřimov 3:5, Bobři Valašské Meziříčí - Zubr Přerov 8:2, HC ORLOVÁ - Jestřáb Prostějov 3:1, Hokej Šumperk 2003 - Valašský hokejový klub 3:1, TJ Šternberk - VelkéMeziříčí 5:2, HC Hodonín - HC NOVÝ JIČÍN 3:4, Kometa Brno - HC SLEZAN OPAVA 3:4, Uničov - Žďár nad Sázavou 2:1.
1. V. Meziříčí	13	10	0	3	60:31	31
2. Hodonín	13	9	0	4	46:31	27
3. Prostějov	13	8	1	4	41:31	26
4. Opava	13	8	1	4	45:34	26
5. Nový Jičín	13	8	0	5	45:39	24
6. Zubr Přerov	13	7	1	5	42:36	23
7. Orlová	13	7	0	6	46:36	21
8. Šternberk	13	6	2	5	38:36	20
9. Kometa B	13	6	1	6	44:37	19
10. Žďár	13	6	0	7	37:41	18
11. Uničov	13	5	1	7	41:46	16
12. Pelhřimov	13	5	1	7	38:46	16
13. Valašsko	13	4	2	7	35:48	14
14. Šumperk	13	3	2	8	32:48	11
15. Břeclav	13	2	1	10	26:57	7
KRAJSKÝ PŘEBOR MUŽŮ: Krnov - Frýdek-Místek 3:5, Studénka - Kopřivnice 2:1, Karviná - Horní Benešov 7:1.
1. Karviná	3	3	0	0	16:4	9
2. Studénka	3	2	0	1	10:9	6
3. Frýdek-Místek	3	2	0	1	11:10	6
4. Kopřivnice	3	1	0	2	8:9	3
5. Krnov	3	1	0	2	9:12	3
6. H. Benešov	3	0	0	3	5:15	0
EXTRALIGA JUNIORŮ: Zlín - České Budějovice 5:0, PORUBA - Slavia 2:5, VÍTKOVICE - Kladno 4:3, HAVÍŘOV - Liberec 2:5, Plzeň - Sparta 2:5, Kometa Brno - Kladno 3:1, Kometa Brno - Mladá Boleslav 1:2, Kometa Brno - Olomouc 3:1, Liberec - Litvínov 1:4, Sparta - Ústí nad Labem 5:1, Kometa Brno 4:2, KOMETA Brno - Plzeň 2:1, Jihlava - Pardubice 3:4 po nájezdech.
1. Vítkovice	16	11	1	4	82:34	35
2. Sparta	16	10	2	4	64:38	34
3. Budějovice	16	10	1	5	58:39	32
4. Zlín	16	9	2	5	55:42	31
5. Kometa	16	9	1	6	52:44	29
6. Liberec	16	8	2	6	49:44	28
7. Opava	16	8	1	7	51:47	26
8. Kladno	16	7	2	7	46:48	25
9. Slavia	16	7	1	8	47:50	22
10. Třinec	16	6	2	8	44:50	20
11. Poruba	16	6	1	9	45:56	19
12. Plzeň	16	5	2	9	41:55	17
13. Karviná	16	5	1	10	38:57	16
14. Jihlava	16	4	2	10	36:58	14
15. Pardubice	16	4	1	11	35:62	13
16. Havířov	16	3	1	12	31:66	10
LIGA JUNIORŮ, SKUPINA C: Jihava - FRÝDEK-MÍSTEK 4:3, Havířov - Zlín 3:2, Kroměříž - Poruba B 1:0, Hodonín - Kometa B 5:2, Nový Jičín - Šternberk 2:1, Šternberk - Třebíč 4:1.
1. Jihlava	15	15	1	3	66:26	36
2. Zlín	15	13	0	4	70:36	33
3. Kroměříž	15	10	1	6	55:42	28
4. Nový Jičín	15	9	1	7	48:44	27
5. Fr.-Místek	15	8	2	7	49:48	24
6. Šternberk	15	7	2	8	44:48	22
7. Havířov	15	6	2	9	40:52	19
8. Poruba B	15	5	2	10	38:55	16
9. Třebíč	15	3	1	13	29:68	8
8. Přerov	15	8	1	6	51:47	16
9. N. Jičín	15	6	2	7	49:48	14
10. Uh. Hradiště	15	5	2	8	50:59	12
11. Prostějov	15	5	1	9	40:56	11
12. Uničov	14	4	2	8	39:53	10
13. Orlová	14	3	3	8	37:45	9
14. Šternberk	15	1	2	12	30:67	4
KRAJSKÝ PŘEBOR JUNIORŮ: HC Rožnov pod Radhoštěm - HC Kopřivnice 5:7, HC Bobři Valašské Meziříčí - HC Studénka 4:6, HC Uničov - SK Karviná 4:1.
1. Kopřivnice	4	3	1	0	21:9	10
2. Karviná	4	2	1	1	17:12	7
3. Studénka	4	2	1	1	18:16	7
4. Uničov	4	2	0	2	19:25	5
5. Val. Meziříčí	4	1	1	2	14:19	3
6. Rožnov	4	0	1	3	12:20	1
EXTRALIGA DOROSTU: Plzeň - OPAVA 2:4, Karlovy Vary - VÍTKOVICE 2:5, Kladno - Hradec Králové 1:1, Liberec - Kometa Brno 1:4, Sparta - Slavia - Havířov Brod 4:2, Mladá Boleslav - Jihlava 6:5, Pardubice 5:2, České Budějovice - Vsetín 5:2, Pardubice - HAVÍŘOV 4:3 po nájezdech, TŘINEC 3:5, Litvínov - České Budějovice 7:1, Kladno - Jihlava 5:1, Plzeň - Vsetín 4:1, Mladá Boleslav - Jihlava 6:5, Kometa Brno 5:1.
1. Liberec	16	15	1	0	72:21	47
2. Kladno	16	13	1	2	78:30	41
3. Vítkovice	16	12	1	0	80:26	39
4. Kladno	16	12	0	2	69:42	36
5. Hradec	16	11	1	4	55:42	34
6. M. Boleslav	16	10	1	4	61:39	34
7. Zlín	16	9	1	5	56:28	31
8. K. Vary	16	9	0	6	55:51	28
9. Plzeň	16	8	1	6	51:49	25
10. Opava	16	8	1	6	57:60	25
11. Sparta	16	6	1	6	69:57	20
12. Budějovice	16	5	1	10	45:56	17
13. Třinec	16	5	0	11	44:53	15
14. Litvínov	16	4	1	11	43:51	14
15. H. Králové	16	4	1	11	50:75	13
16. Kometa	16	3	1	12	51:80	11
17. Pardubice	16	3	0	13	40:72	9
18. Havířov	16	3	2	10	34:52	8
19. Mladá B.	16	2	1	13	38:82	7
20. Jihlava	16	1	1	14	40:81	4
21. Slavia	16	1	1	14	39:67	4
22. Vsetín	16	1	0	15	43:72	3
23. Šumperk	16	0	1	15	34:82	1
LIGA DOROSTU, SKUPINA C: Uherské Hradiště - Přerov 6:4, Prostějov - Uničov 4:1, Zlín - Kopřivnice 5:7, ORLOVÁ - Žďár nad Sázavou 3:1, FRÝDEK-MÍSTEK - Uherské Hradiště 3:1, Třebíč - Prostějov 7:3, NOVÝ JIČÍN - Kometa Brno 4:2, Přerov - Porubá 3:0, Třebíč - Šumperk 2:1, Kopřivnice 5:4, Znojmo - PORUBA 4:1, Břeclav - Přerov 5:2.
1. Třebíč	15	15	0	0	96:25	45
2. Frýdek-Místek	15	13	1	1	49:30	40
3. Zlín	15	12	0	3	68:38	36
4. Karviná	15	9	1	4	60:47	29
5. Poruba	15	9	1	5	66:40	29
6. Znojmo	15	8	1	6	57:56	26
7. Uh. Hradiště	15	7	1	7	50:54	22
8. Kopřivnice	15	6	2	7	55:58	20
9. Žďár	15	6	1	8	50:55	19
10. Uvoz	15	6	2	7	60:52	20
11. Přerov	15	5	2	8	43:59	17
12. Nový Jičín	15	4	1	10	41:62	13
13. Kometa	15	3	1	11	38:60	10
14. Orlová	15	2	0	13	35:79	6
KRAJSKÝ PŘEBOR DOROSTU: HC Studénka - Slavia Český Těšín 3:5, HC TJ Šternberk - HC Uničov 2:5, HC Bobři Valašské Meziříčí - HC Bohumín 9:7, HK Nový Jičín - HC Kopřivnice B 3:3.
1. Uničov	5	4	0	1	37:18	12
2. Kopřivnice B	5	3	1	1	30:20	10
3. Val. Meziříčí	5	3	0	2	36:31	9
4. Bohumín	5	2	1	2	28:27	7
5. Šternberk	5	2	0	3	20:29	6
6. Studénka	5	1	1	3	22:30	4
7. Č. Těšín	5	1	0	4	19:37	3
Volejbal
1. LIGA MUŽŮ: Odolena Voda - Brno B 3:0 (18, 22, 16), Chomutov - Poštorná 3:1 (-27, 20, 22, 24), Havířov - ČZU Praha B 3:0 (21, 26, 19), Dobřichovice - Havlíčkův Brod 3:0 (12, 19, 15), MFF Praha - České Budějovice B 3:0 (16, 20, 21).
1. ČZU Praha B	7	6	1	20:6	13
2. Chomutov	7	5	2	17:9	12
3. MFF Praha	7	5	2	17:11	12
4. Brno B	7	4	3	15:12	11
5. Dobřichovice	7	4	3	14:12	11
6. Havířov	7	4	3	13:10	11
7. Poštorná	7	3	4	13:14	10
8. Č. Budějovice B	7	3	4	12:15	10
9. Odolena Voda	7	3	4	11:15	10
10. Havl. Brod	7	0	7	2:21	7
2. LIGA MUŽŮ, SKUPINA C: Budovice - Holešov 3:0, Svitavy - Nový Jičín 3:0, Brno - Hradec Kr. 3:1, PALKOVICE 0:3, Holešov - HLUČÍN 3:1, Hošťálkovice - Ústí nad Labem 3:2, Kralupy nad Vltavou - Vsetín 3:1, Hodolany - PALKOVICE 0:3, Brno - HLUČÍN 3:1.
1. Budovice	6	6	0	18:2	12
2. Palkovice	6	4	2	15:8	10
3. Holešov	6	4	2	13:9	10
4. Svitavy	6	4	2	14:10	10
5. Hošťálkovice	6	3	3	12:11	9
6. Drásov	6	3	3	11:12	9
7. Hlučín	6	2	4	9:14	8
8. Hodolany	6	1	5	6:16	7
9. Nový Jičín	6	0	6	4:18	6
1. LIGA ŽEN, SKUPINA B: OPAVA - Uherské Hradiště 3:1 (-21, 15, 22, 16), Šternberk - Přerov B 2:3 (23, -15, 21, -18, -13), NOVÝ JIČÍN - Univerzita Brno 3:1 (16, 20, -17, 14), NOVÝ JIČÍN - Univerzita Brno 3:0 (21, 15, 19).
1. Přerov B	8	7	1	24:10	15
2. Opava	8	6	2	21:11	14
3. Nový Jičín	8	5	3	15:13	13
4. Šternberk	8	5	3	17:16	13
5. Uh. Hradiště	8	4	4	16:14	12
6. Univ. Brno	8	0	8	4:24	8
2. LIGA ŽEN, SKUPINA C: Svitavy - Brno B 2:3, DOMBRNO - FRÝDEK-MÍSTEK A 0:3, Havlíčkův Brod - VŠB OSTRAVA 3:1, DOM Brno - FRÝDEK-MÍSTEK A 3:1, Litovel - Svitavy 3:1, DOM Brno - FRÝDEK-MÍSTEK B 3:0, VŠB OSTRAVA - Havlíčkův Brod 3:2, FRÝDEK-MÍSTEK B 3:2, Přerov C - Litovel 3:1.
1. Litovel	8	8	0	24:6	16
2. Fr.-Místek A	8	5	3	18:12	13
3. DOM Brno	8	5	3	18:14	13
4. Svitavy	8	4	4	16:16	12
5. VŠB Ostrava	8	4	4	15:17	12
6. Brno B	8	3	5	14:18	11
7. OP Prostějov	8	2	6	12:20	10
8. Fr.-Místek B	8	2	6	10:21	10
9. Havl. Brod	8	1	7	8:22	9
